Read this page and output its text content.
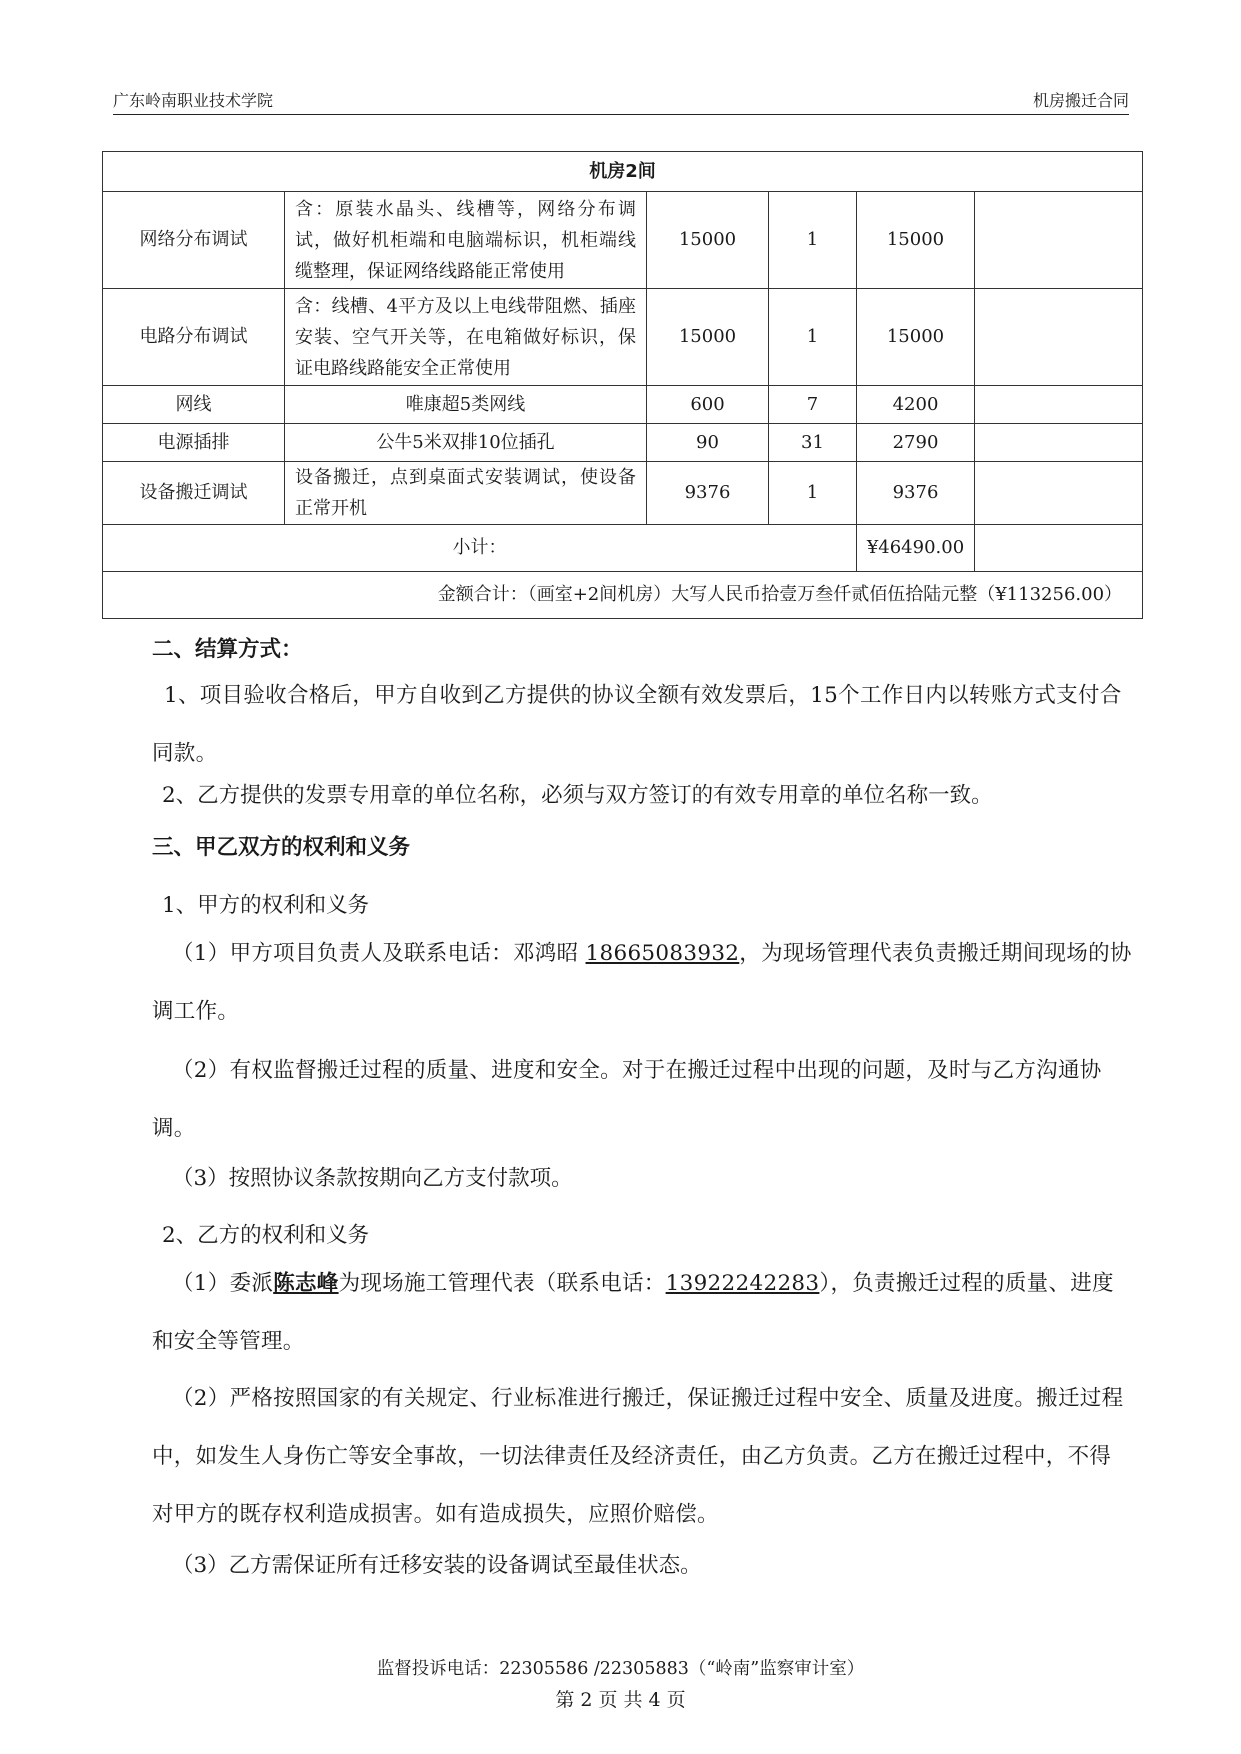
广东岭南职业技术学院	机房搬迁合同
机房2间					
网络分布调试	含：原装水晶头、线槽等，网络分布调试，做好机柜端和电脑端标识，机柜端线缆整理，保证网络线路能正常使用	15000	1	15000	
电路分布调试	含：线槽、4平方及以上电线带阻燃、插座安装、空气开关等，在电箱做好标识，保证电路线路能安全正常使用	15000	1	15000	
网线	唯康超5类网线	600	7	4200	
电源插排	公牛5米双排10位插孔	90	31	2790	
设备搬迁调试	设备搬迁，点到桌面式安装调试，使设备正常开机	9376	1	9376	
小计：				¥46490.00	
金额合计：（画室+2间机房）大写人民币拾壹万叁仟贰佰伍拾陆元整（¥113256.00）					
二、结算方式：
1、项目验收合格后，甲方自收到乙方提供的协议全额有效发票后，15个工作日内以转账方式支付合同款。
2、乙方提供的发票专用章的单位名称，必须与双方签订的有效专用章的单位名称一致。
三、甲乙双方的权利和义务
1、甲方的权利和义务
（1）甲方项目负责人及联系电话：邓鸿昭 18665083932，为现场管理代表负责搬迁期间现场的协调工作。
（2）有权监督搬迁过程的质量、进度和安全。对于在搬迁过程中出现的问题，及时与乙方沟通协调。
（3）按照协议条款按期向乙方支付款项。
2、乙方的权利和义务
（1）委派陈志峰为现场施工管理代表（联系电话：13922242283），负责搬迁过程的质量、进度和安全等管理。
（2）严格按照国家的有关规定、行业标准进行搬迁，保证搬迁过程中安全、质量及进度。搬迁过程中，如发生人身伤亡等安全事故，一切法律责任及经济责任，由乙方负责。乙方在搬迁过程中，不得对甲方的既存权利造成损害。如有造成损失，应照价赔偿。
（3）乙方需保证所有迁移安装的设备调试至最佳状态。
监督投诉电话：22305586 /22305883（“岭南”监察审计室）
第 2 页 共 4 页
